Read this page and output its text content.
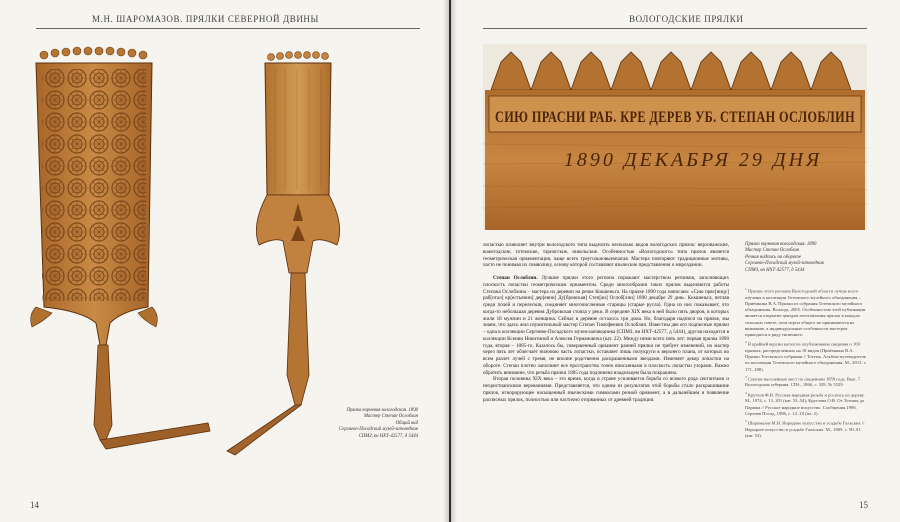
М.Н. ШАРОМАЗОВ. ПРЯЛКИ СЕВЕРНОЙ ДВИНЫ
Прялка корневая вологодская. 1890
Мастер Степан Ослоблин
Общий вид
Сергиево-Посадский музей-заповедник
СПМЗ, вн НХТ-42577, д 5444
14
ВОЛОГОДСКИЕ ПРЯЛКИ
СИЮ ПРАСНИ РАБ. КРЕ ДЕРЕВ УБ. СТЕПАН ОСЛОБЛИН
1890 ДЕКАБРЯ 29 ДНЯ

лопастью позволяет внутри вологодского типа выделить несколько видов вологодских прялок: верховажские, вожегодские, тотемские, тарногские, никольские. Особенностью «Вологодского» типа прялок является геометрическая орнаментация, чаще всего треугольновыемчатая. Мастера повторяют традиционные мотивы, часто не понимая их символику, основу которой составляют языческие представления о мироздании.

Степан Ослоблин. Лучшие прялки этого региона поражают мастерством резчиков, заполняющих плоскость лопастки геометрическим орнаментом. Среди многообразия таких прялок выделяются работы Степана Ослоблина – мастера из деревни на речке Кокшеньга. На прялке 1890 года написано: «Сию пряс[ницу] раб[отал] кр[естьянин] дер[евни] Ду[бровская] Степ[ан] Ослоб[лин] 1890 декабре 29 дня». Кокшеньга, петляя среди полей и перелесков, соединяет многочисленные старицы (старые русла). Одна из них показывает, что когда-то небольшая деревня Дубровская стояла у реки. В середине XIX века в ней было пять дворов, в которых жили 18 мужчин и 21 женщина. Сейчас в деревне осталось три дома. Но, благодаря надписи на прялке, мы знаем, что здесь жил изумительный мастер Степан Тимофеевич Ослоблин. Известны две его подписные прялки – одна в коллекции Сергиево-Посадского музея-заповедника (СПМЗ, вн НХТ-42577, д 5444), другая находится в коллекции Ксении Никитиной и Алексея Германовича (кат. 22). Между ними всего пять лет: первая прялка 1890 года, вторая – 1885-го. Казалось бы, совершенный орнамент ранней прялки не требует изменений, но мастер через пять лет облегчает нижнюю часть лопастки, оставляет лишь полукруги в верхнего плана, от которых во всем разлет лучей с тремя, не вполне родственно раскрашенными звездами. Изменяет декор лопастки на обороте. Степан плотно заполняет все пространство точно вписанными в плоскость лопастки узорами. Важно обратить внимание, что резьба прялки 1885 года подчинена владельцем была покрашена.

Вторая половина XIX века – это время, когда в стране усиливается борьба со всякого рода сектантами и нехристианскими верованиями. Представляется, что одним из результатов этой борьбы стало раскрашивание прялок, игнорирующее насыщенный языческими символами резной орнамент, а в дальнейшем и появление расписных прялок, полностью или частично оторванных от древней традиции.

Прялка корневая вологодская. 1890
Мастер Степан Ослоблин
Резная надпись на обороте
Сергиево-Посадский музей-заповедник
СПМЗ, вн НХТ-42577, д 5444

$^1$ Прялки этого региона Вологодской области лучше всего изучены в коллекции Тотемского музейного объединения – Приёмкина В.А. Прялки из собрания Тотемского музейного объединения. Вологда, 2005. Особенностью этой публикации является открытие центров изготовления прялок в каждом сельском совете, хотя черты общего не принимаются во внимание, а индивидуальные особенности мастеров приводятся к ряду типичного.

$^2$ В крайней версии каталога опубликованы сведения о 169 прялках, распределенных на 18 видов (Приёмкина В.А. Прялки Тотемского собрания // Тотемь. Альбом-путеводитель по коллекции Тотемского музейного объединения. М., 2013. с. 171–188).

$^3$ Списки населенных мест по сведениям 1859 года. Вып. 7. Вологодская губерния. СПб., 1866, с. 329, № 5529.

$^4$ Круглов Ф.В. Русская народная резьба и роспись по дереву. М., 1974, с. 13, 201 (кат. 53–54); Круглова О.В. От Тотьмы до Парижа // Русское народное искусство. Сообщения 1996. Сергиев Посад, 1998, с. 12–18 (ил. 2).

$^5$ Шаромазов М.Н. Народное искусство в усадьбе Гальских // Народное искусство в усадьбе Гальских. М., 2009, с. 90–91 (кат. 53).

15
